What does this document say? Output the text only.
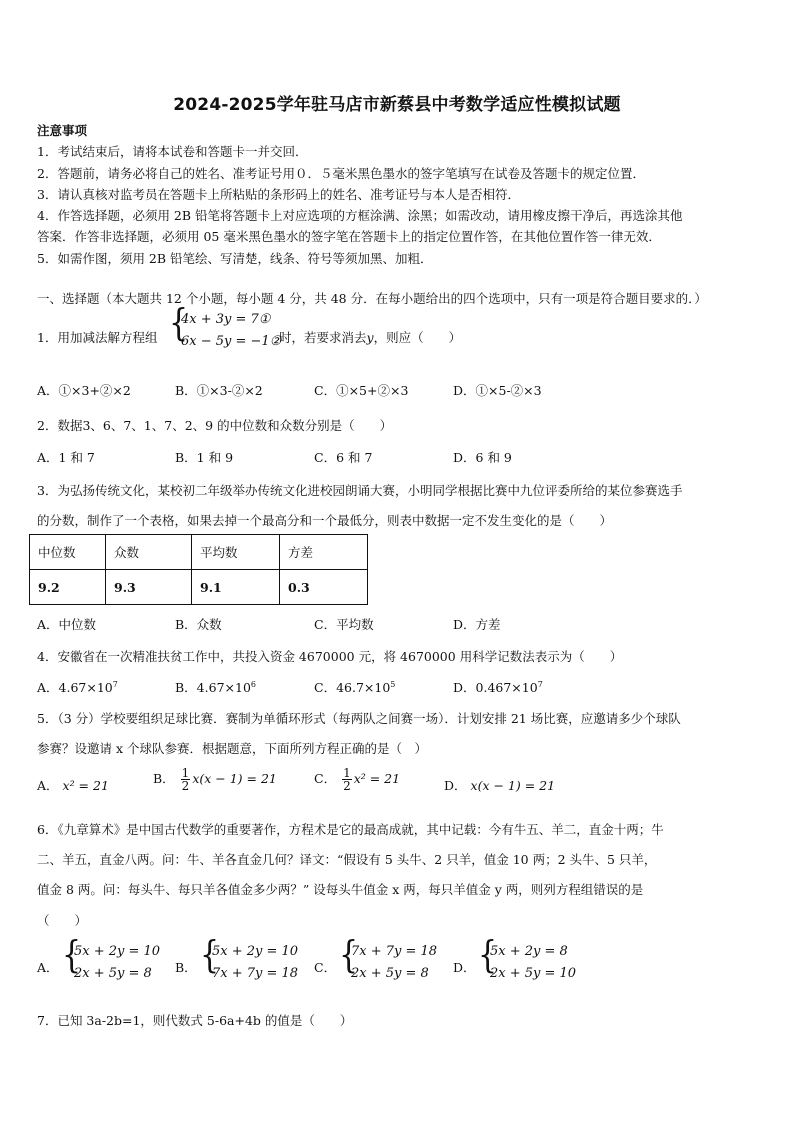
2024-2025学年驻马店市新蔡县中考数学适应性模拟试题
注意事项
1．考试结束后，请将本试卷和答题卡一并交回．
2．答题前，请务必将自己的姓名、准考证号用０．５毫米黑色墨水的签字笔填写在试卷及答题卡的规定位置．
3．请认真核对监考员在答题卡上所粘贴的条形码上的姓名、准考证号与本人是否相符．
4．作答选择题，必须用 2B 铅笔将答题卡上对应选项的方框涂满、涂黑；如需改动，请用橡皮擦干净后，再选涂其他
答案．作答非选择题，必须用 05 毫米黑色墨水的签字笔在答题卡上的指定位置作答，在其他位置作答一律无效．
5．如需作图，须用 2B 铅笔绘、写清楚，线条、符号等须加黑、加粗．
一、选择题（本大题共 12 个小题，每小题 4 分，共 48 分．在每小题给出的四个选项中，只有一项是符合题目要求的．）
1．用加减法解方程组 {
4x + 3y = 7①
6x − 5y = −1②
时，若要求消去y，则应（　　）
A．①×3+②×2	B．①×3-②×2	C．①×5+②×3	D．①×5-②×3
2．数据3、6、7、1、7、2、9 的中位数和众数分别是（　　）
A．1 和 7	B．1 和 9	C．6 和 7	D．6 和 9
3．为弘扬传统文化，某校初二年级举办传统文化进校园朗诵大赛，小明同学根据比赛中九位评委所给的某位参赛选手
的分数，制作了一个表格，如果去掉一个最高分和一个最低分，则表中数据一定不发生变化的是（　　）
中位数	众数	平均数	方差
9.2	9.3	9.1	0.3
A．中位数	B．众数	C．平均数	D．方差
4．安徽省在一次精准扶贫工作中，共投入资金 4670000 元，将 4670000 用科学记数法表示为（　　）
A．$4.67\times 10^7$	B．$4.67\times 10^6$	C．$46.7\times 10^5$	D．$0.467\times 10^7$
5．（3 分）学校要组织足球比赛．赛制为单循环形式（每两队之间赛一场）．计划安排 21 场比赛，应邀请多少个球队
参赛？设邀请 x 个球队参赛．根据题意，下面所列方程正确的是（　）
A． x² = 21	B． $\frac{1}{2} x(x - 1) = 21$	C． $\frac{1}{2} x^2 = 21$	D． x(x − 1) = 21
6．《九章算术》是中国古代数学的重要著作，方程术是它的最高成就，其中记载：今有牛五、羊二，直金十两；牛
二、羊五，直金八两。问：牛、羊各直金几何？译文：“假设有 5 头牛、2 只羊，值金 10 两；2 头牛、5 只羊，
值金 8 两。问：每头牛、每只羊各值金多少两？” 设每头牛值金 x 两，每只羊值金 y 两，则列方程组错误的是
（　　）
A． {
5x + 2y = 10
2x + 5y = 8 B． {
5x + 2y = 10
7x + 7y = 18 C． {
7x + 7y = 18
2x + 5y = 8 D． {
5x + 2y = 8
2x + 5y = 10
7．已知 3a-2b=1，则代数式 5-6a+4b 的值是（　　）
